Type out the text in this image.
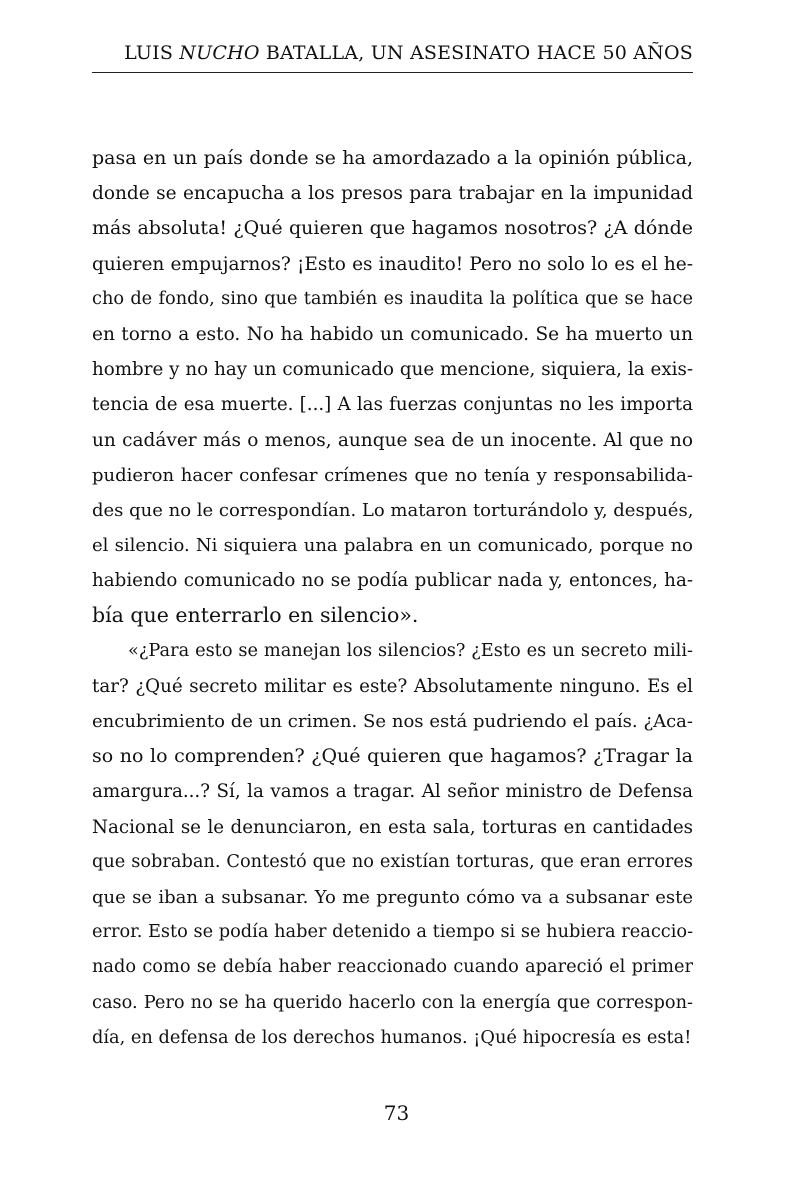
LUIS NUCHO BATALLA, UN ASESINATO HACE 50 AÑOS
pasa en un país donde se ha amordazado a la opinión pública,
donde se encapucha a los presos para trabajar en la impunidad
más absoluta! ¿Qué quieren que hagamos nosotros? ¿A dónde
quieren empujarnos? ¡Esto es inaudito! Pero no solo lo es el he-
cho de fondo, sino que también es inaudita la política que se hace
en torno a esto. No ha habido un comunicado. Se ha muerto un
hombre y no hay un comunicado que mencione, siquiera, la exis-
tencia de esa muerte. [...] A las fuerzas conjuntas no les importa
un cadáver más o menos, aunque sea de un inocente. Al que no
pudieron hacer confesar crímenes que no tenía y responsabilida-
des que no le correspondían. Lo mataron torturándolo y, después,
el silencio. Ni siquiera una palabra en un comunicado, porque no
habiendo comunicado no se podía publicar nada y, entonces, ha-
bía que enterrarlo en silencio».
«¿Para esto se manejan los silencios? ¿Esto es un secreto mili-
tar? ¿Qué secreto militar es este? Absolutamente ninguno. Es el
encubrimiento de un crimen. Se nos está pudriendo el país. ¿Aca-
so no lo comprenden? ¿Qué quieren que hagamos? ¿Tragar la
amargura...? Sí, la vamos a tragar. Al señor ministro de Defensa
Nacional se le denunciaron, en esta sala, torturas en cantidades
que sobraban. Contestó que no existían torturas, que eran errores
que se iban a subsanar. Yo me pregunto cómo va a subsanar este
error. Esto se podía haber detenido a tiempo si se hubiera reaccio-
nado como se debía haber reaccionado cuando apareció el primer
caso. Pero no se ha querido hacerlo con la energía que correspon-
día, en defensa de los derechos humanos. ¡Qué hipocresía es esta!
73
